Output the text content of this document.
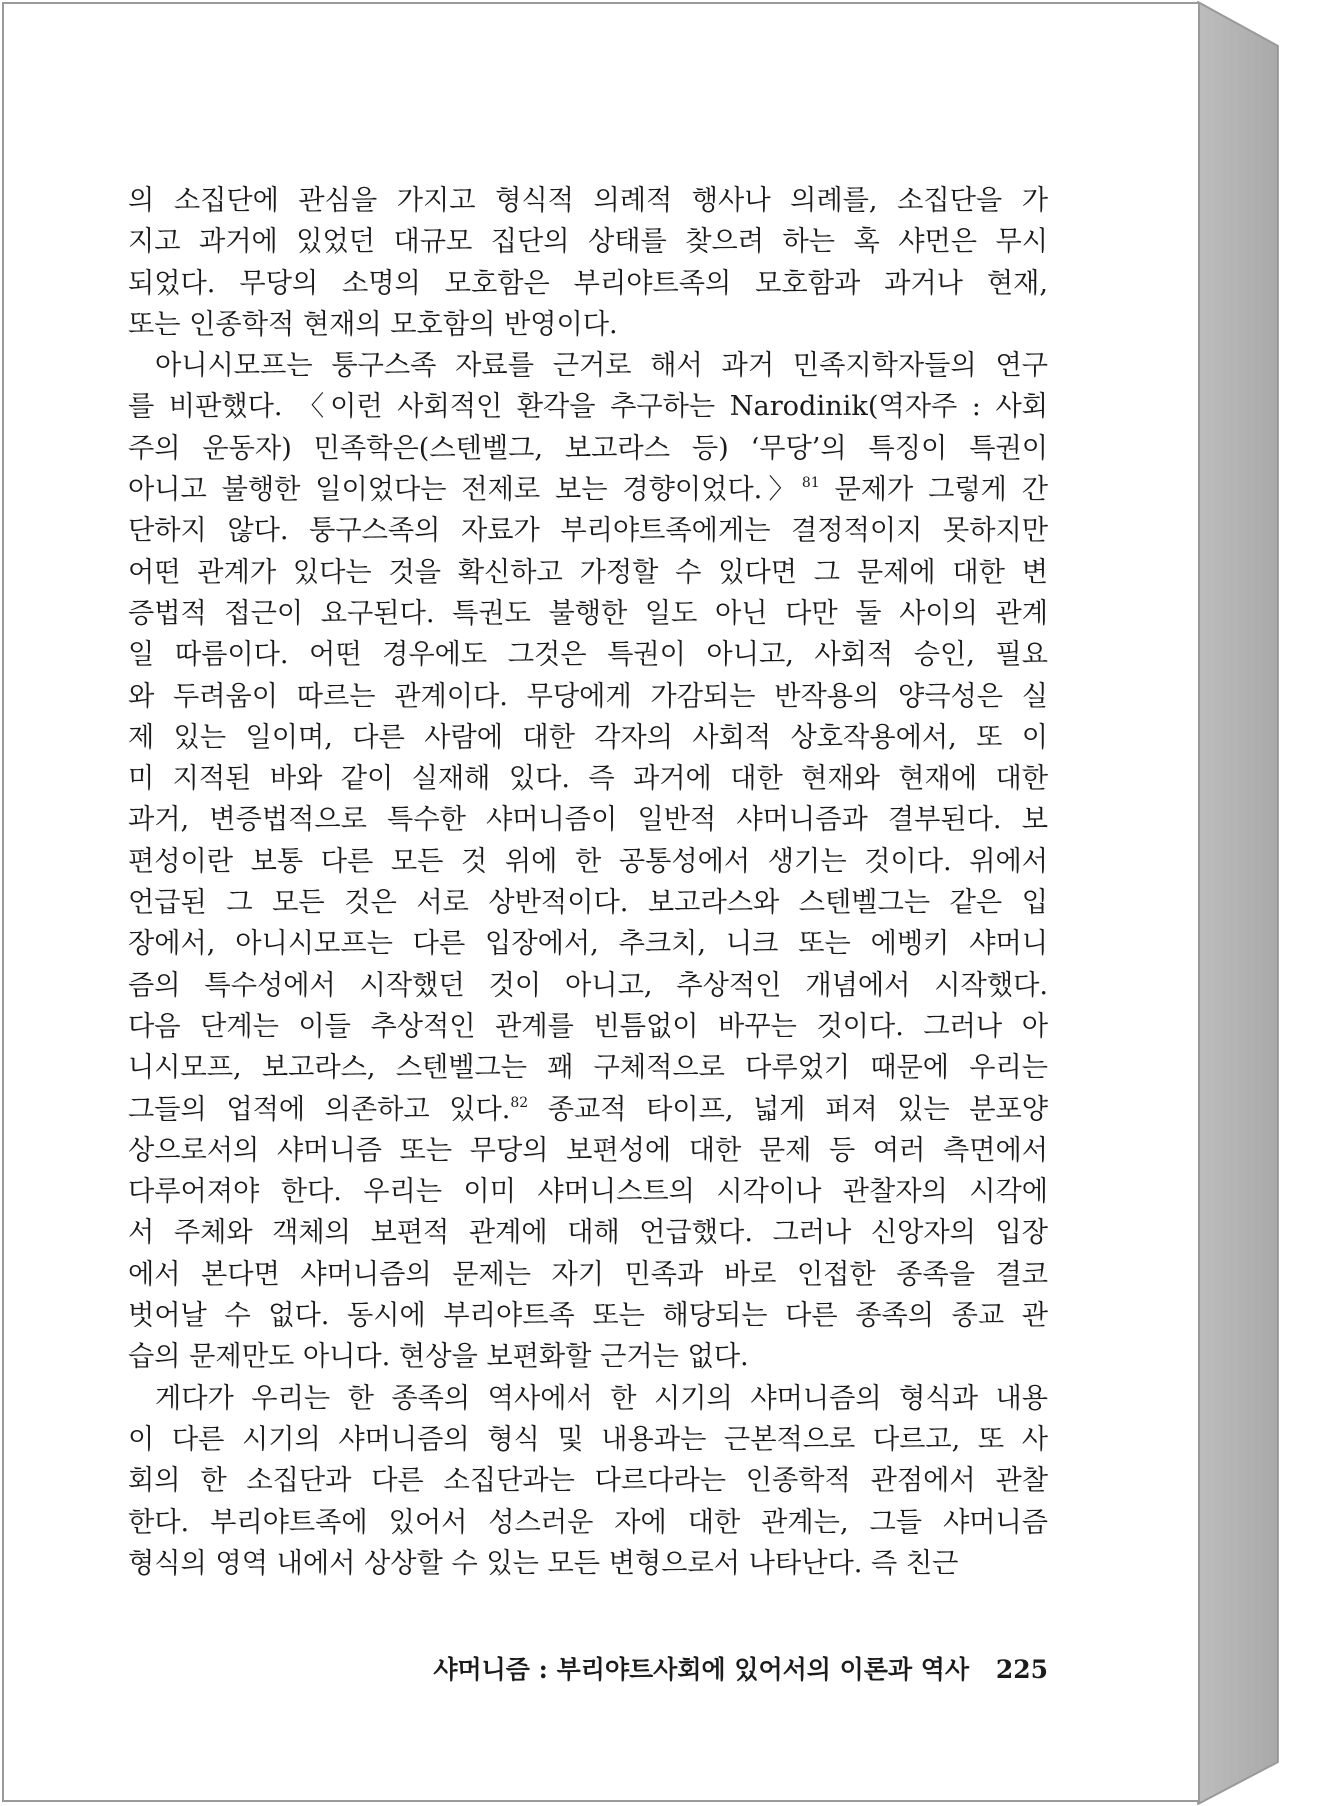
의 소집단에 관심을 가지고 형식적 의례적 행사나 의례를, 소집단을 가
지고 과거에 있었던 대규모 집단의 상태를 찾으려 하는 혹 샤먼은 무시
되었다. 무당의 소명의 모호함은 부리야트족의 모호함과 과거나 현재,
또는 인종학적 현재의 모호함의 반영이다.
아니시모프는 퉁구스족 자료를 근거로 해서 과거 민족지학자들의 연구
를 비판했다. 〈이런 사회적인 환각을 추구하는 Narodinik(역자주 : 사회
주의 운동자) 민족학은(스텐벨그, 보고라스 등) ‘무당’의 특징이 특권이
아니고 불행한 일이었다는 전제로 보는 경향이었다.〉$^{81}$ 문제가 그렇게 간
단하지 않다. 퉁구스족의 자료가 부리야트족에게는 결정적이지 못하지만
어떤 관계가 있다는 것을 확신하고 가정할 수 있다면 그 문제에 대한 변
증법적 접근이 요구된다. 특권도 불행한 일도 아닌 다만 둘 사이의 관계
일 따름이다. 어떤 경우에도 그것은 특권이 아니고, 사회적 승인, 필요
와 두려움이 따르는 관계이다. 무당에게 가감되는 반작용의 양극성은 실
제 있는 일이며, 다른 사람에 대한 각자의 사회적 상호작용에서, 또 이
미 지적된 바와 같이 실재해 있다. 즉 과거에 대한 현재와 현재에 대한
과거, 변증법적으로 특수한 샤머니즘이 일반적 샤머니즘과 결부된다. 보
편성이란 보통 다른 모든 것 위에 한 공통성에서 생기는 것이다. 위에서
언급된 그 모든 것은 서로 상반적이다. 보고라스와 스텐벨그는 같은 입
장에서, 아니시모프는 다른 입장에서, 추크치, 니크 또는 에벵키 샤머니
즘의 특수성에서 시작했던 것이 아니고, 추상적인 개념에서 시작했다.
다음 단계는 이들 추상적인 관계를 빈틈없이 바꾸는 것이다. 그러나 아
니시모프, 보고라스, 스텐벨그는 꽤 구체적으로 다루었기 때문에 우리는
그들의 업적에 의존하고 있다.$^{82}$ 종교적 타이프, 넓게 퍼져 있는 분포양
상으로서의 샤머니즘 또는 무당의 보편성에 대한 문제 등 여러 측면에서
다루어져야 한다. 우리는 이미 샤머니스트의 시각이나 관찰자의 시각에
서 주체와 객체의 보편적 관계에 대해 언급했다. 그러나 신앙자의 입장
에서 본다면 샤머니즘의 문제는 자기 민족과 바로 인접한 종족을 결코
벗어날 수 없다. 동시에 부리야트족 또는 해당되는 다른 종족의 종교 관
습의 문제만도 아니다. 현상을 보편화할 근거는 없다.
게다가 우리는 한 종족의 역사에서 한 시기의 샤머니즘의 형식과 내용
이 다른 시기의 샤머니즘의 형식 및 내용과는 근본적으로 다르고, 또 사
회의 한 소집단과 다른 소집단과는 다르다라는 인종학적 관점에서 관찰
한다. 부리야트족에 있어서 성스러운 자에 대한 관계는, 그들 샤머니즘
형식의 영역 내에서 상상할 수 있는 모든 변형으로서 나타난다. 즉 친근
샤머니즘 : 부리야트사회에 있어서의 이론과 역사 225
